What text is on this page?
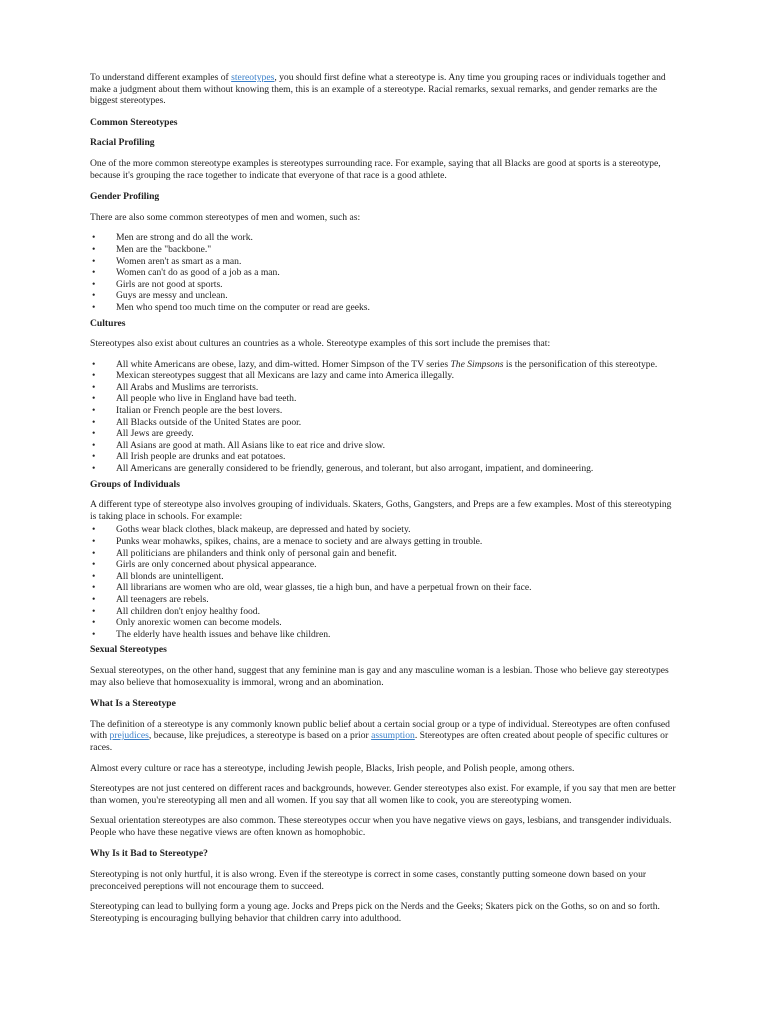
To understand different examples of stereotypes, you should first define what a stereotype is. Any time you grouping races or individuals together and make a judgment about them without knowing them, this is an example of a stereotype. Racial remarks, sexual remarks, and gender remarks are the biggest stereotypes.

Common Stereotypes
Racial Profiling

One of the more common stereotype examples is stereotypes surrounding race. For example, saying that all Blacks are good at sports is a stereotype, because it's grouping the race together to indicate that everyone of that race is a good athlete.

Gender Profiling

There are also some common stereotypes of men and women, such as:

• Men are strong and do all the work.
• Men are the "backbone."
• Women aren't as smart as a man.
• Women can't do as good of a job as a man.
• Girls are not good at sports.
• Guys are messy and unclean.
• Men who spend too much time on the computer or read are geeks.
Cultures

Stereotypes also exist about cultures an countries as a whole. Stereotype examples of this sort include the premises that:

• All white Americans are obese, lazy, and dim-witted. Homer Simpson of the TV series The Simpsons is the personification of this stereotype.
• Mexican stereotypes suggest that all Mexicans are lazy and came into America illegally.
• All Arabs and Muslims are terrorists.
• All people who live in England have bad teeth.
• Italian or French people are the best lovers.
• All Blacks outside of the United States are poor.
• All Jews are greedy.
• All Asians are good at math. All Asians like to eat rice and drive slow.
• All Irish people are drunks and eat potatoes.
• All Americans are generally considered to be friendly, generous, and tolerant, but also arrogant, impatient, and domineering.
Groups of Individuals

A different type of stereotype also involves grouping of individuals. Skaters, Goths, Gangsters, and Preps are a few examples. Most of this stereotyping is taking place in schools. For example:

• Goths wear black clothes, black makeup, are depressed and hated by society.
• Punks wear mohawks, spikes, chains, are a menace to society and are always getting in trouble.
• All politicians are philanders and think only of personal gain and benefit.
• Girls are only concerned about physical appearance.
• All blonds are unintelligent.
• All librarians are women who are old, wear glasses, tie a high bun, and have a perpetual frown on their face.
• All teenagers are rebels.
• All children don't enjoy healthy food.
• Only anorexic women can become models.
• The elderly have health issues and behave like children.
Sexual Stereotypes

Sexual stereotypes, on the other hand, suggest that any feminine man is gay and any masculine woman is a lesbian. Those who believe gay stereotypes may also believe that homosexuality is immoral, wrong and an abomination.

What Is a Stereotype

The definition of a stereotype is any commonly known public belief about a certain social group or a type of individual. Stereotypes are often confused with prejudices, because, like prejudices, a stereotype is based on a prior assumption. Stereotypes are often created about people of specific cultures or races.

Almost every culture or race has a stereotype, including Jewish people, Blacks, Irish people, and Polish people, among others.

Stereotypes are not just centered on different races and backgrounds, however. Gender stereotypes also exist. For example, if you say that men are better than women, you're stereotyping all men and all women. If you say that all women like to cook, you are stereotyping women.

Sexual orientation stereotypes are also common. These stereotypes occur when you have negative views on gays, lesbians, and transgender individuals. People who have these negative views are often known as homophobic.

Why Is it Bad to Stereotype?

Stereotyping is not only hurtful, it is also wrong. Even if the stereotype is correct in some cases, constantly putting someone down based on your preconceived pereptions will not encourage them to succeed.

Stereotyping can lead to bullying form a young age. Jocks and Preps pick on the Nerds and the Geeks; Skaters pick on the Goths, so on and so forth. Stereotyping is encouraging bullying behavior that children carry into adulthood.
